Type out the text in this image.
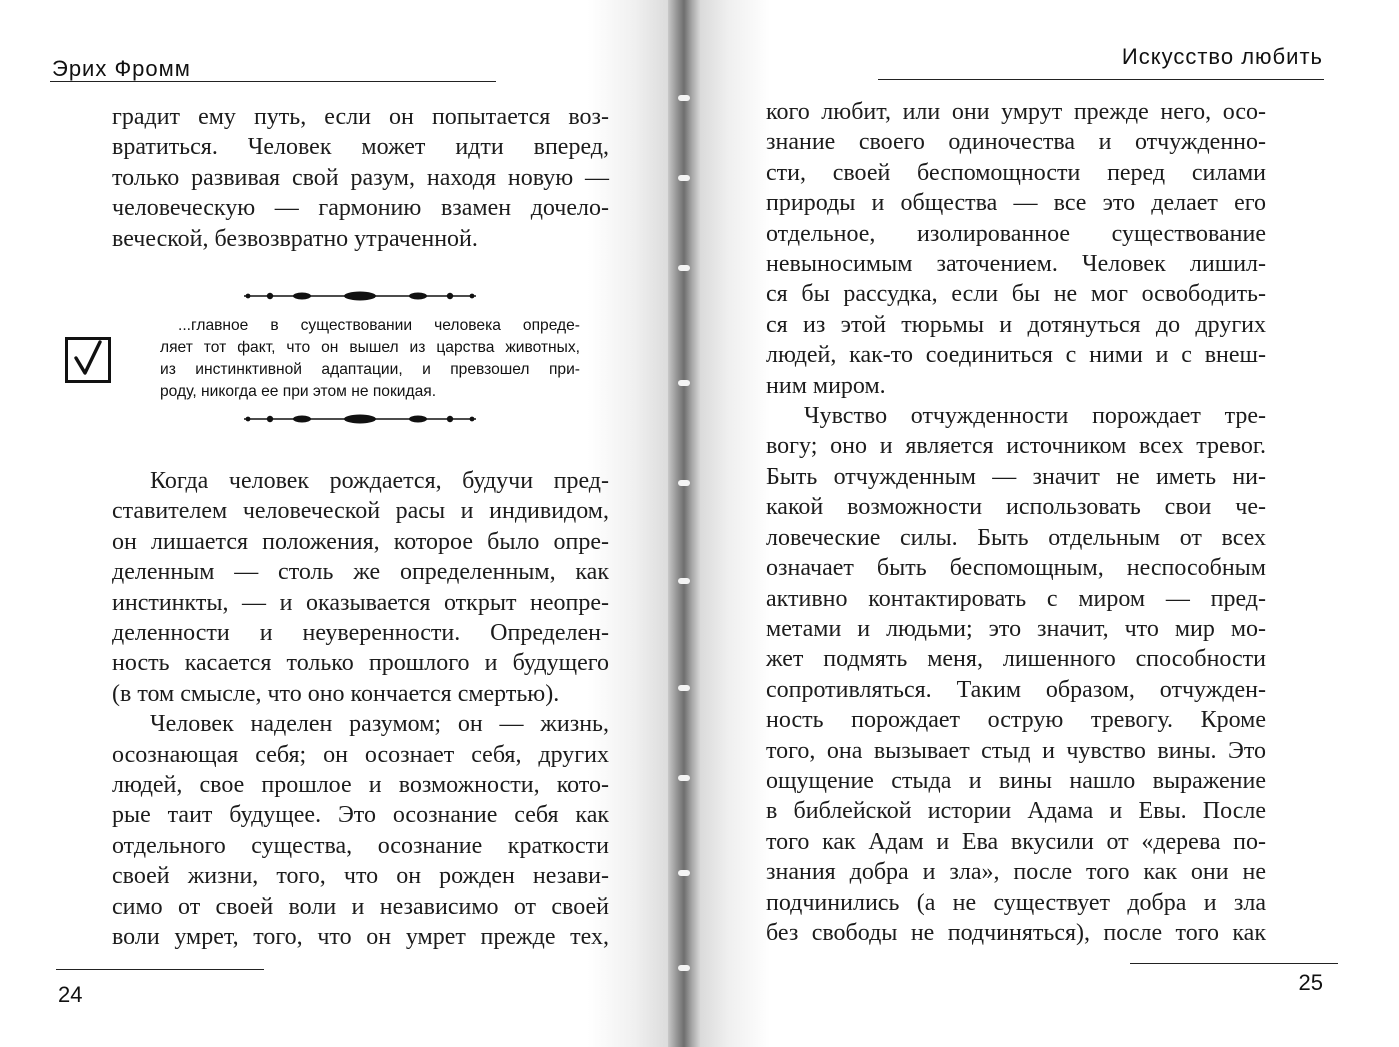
Эрих Фромм
градит ему путь, если он попытается воз-
вратиться. Человек может идти вперед,
только развивая свой разум, находя новую —
человеческую — гармонию взамен дочело-
веческой, безвозвратно утраченной.
...главное в существовании человека опреде-
ляет тот факт, что он вышел из царства животных,
из инстинктивной адаптации, и превзошел при-
роду, никогда ее при этом не покидая.
Когда человек рождается, будучи пред-
ставителем человеческой расы и индивидом,
он лишается положения, которое было опре-
деленным — столь же определенным, как
инстинкты, — и оказывается открыт неопре-
деленности и неуверенности. Определен-
ность касается только прошлого и будущего
(в том смысле, что оно кончается смертью).
Человек наделен разумом; он — жизнь,
осознающая себя; он осознает себя, других
людей, свое прошлое и возможности, кото-
рые таит будущее. Это осознание себя как
отдельного существа, осознание краткости
своей жизни, того, что он рожден незави-
симо от своей воли и независимо от своей
воли умрет, того, что он умрет прежде тех,
24
Искусство любить
кого любит, или они умрут прежде него, осо-
знание своего одиночества и отчужденно-
сти, своей беспомощности перед силами
природы и общества — все это делает его
отдельное, изолированное существование
невыносимым заточением. Человек лишил-
ся бы рассудка, если бы не мог освободить-
ся из этой тюрьмы и дотянуться до других
людей, как-то соединиться с ними и с внеш-
ним миром.
Чувство отчужденности порождает тре-
вогу; оно и является источником всех тревог.
Быть отчужденным — значит не иметь ни-
какой возможности использовать свои че-
ловеческие силы. Быть отдельным от всех
означает быть беспомощным, неспособным
активно контактировать с миром — пред-
метами и людьми; это значит, что мир мо-
жет подмять меня, лишенного способности
сопротивляться. Таким образом, отчужден-
ность порождает острую тревогу. Кроме
того, она вызывает стыд и чувство вины. Это
ощущение стыда и вины нашло выражение
в библейской истории Адама и Евы. После
того как Адам и Ева вкусили от «дерева по-
знания добра и зла», после того как они не
подчинились (а не существует добра и зла
без свободы не подчиняться), после того как
25
